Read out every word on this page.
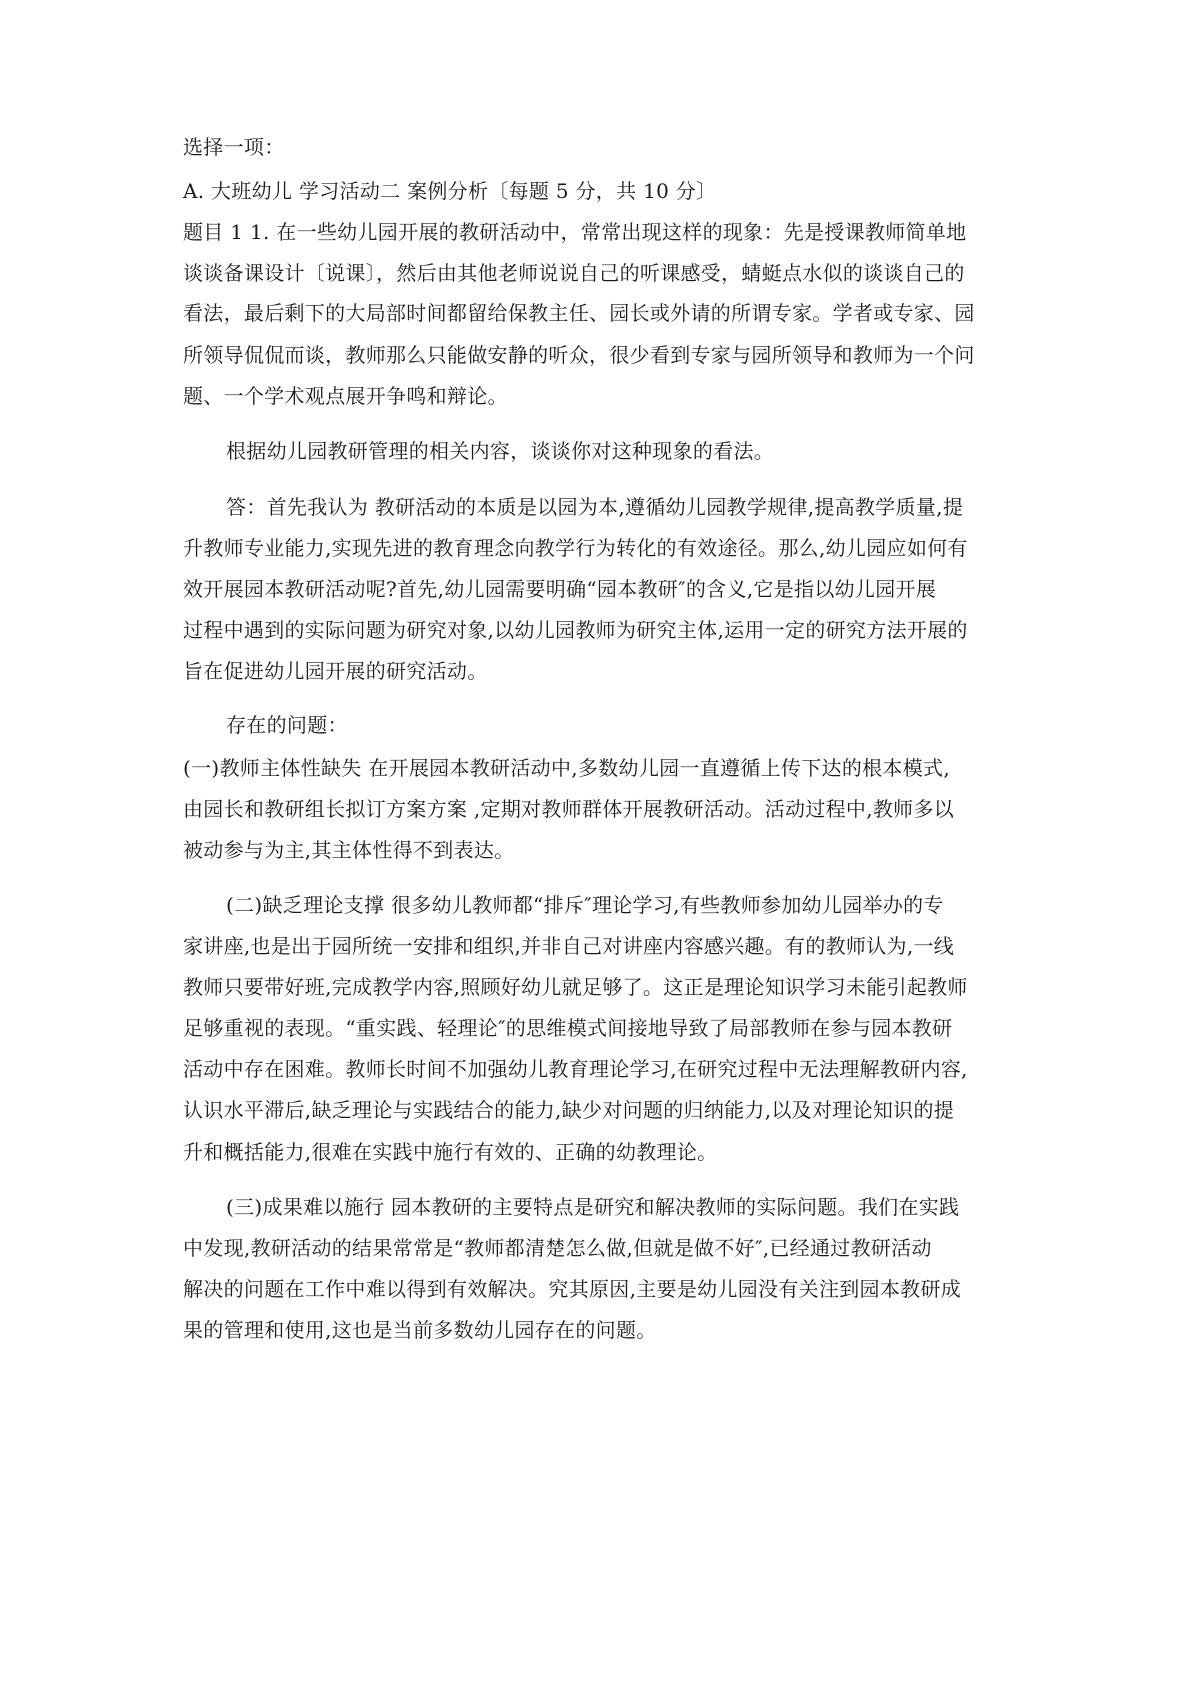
选择一项：

A. 大班幼儿 学习活动二 案例分析〔每题 5 分，共 10 分〕

题目 1 1. 在一些幼儿园开展的教研活动中，常常出现这样的现象：先是授课教师简单地

谈谈备课设计〔说课〕，然后由其他老师说说自己的听课感受，蜻蜓点水似的谈谈自己的

看法，最后剩下的大局部时间都留给保教主任、园长或外请的所谓专家。学者或专家、园

所领导侃侃而谈，教师那么只能做安静的听众，很少看到专家与园所领导和教师为一个问

题、一个学术观点展开争鸣和辩论。

根据幼儿园教研管理的相关内容，谈谈你对这种现象的看法。

答：首先我认为 教研活动的本质是以园为本,遵循幼儿园教学规律,提高教学质量,提

升教师专业能力,实现先进的教育理念向教学行为转化的有效途径。那么,幼儿园应如何有

效开展园本教研活动呢?首先,幼儿园需要明确“园本教研″的含义,它是指以幼儿园开展

过程中遇到的实际问题为研究对象,以幼儿园教师为研究主体,运用一定的研究方法开展的

旨在促进幼儿园开展的研究活动。

存在的问题：

(一)教师主体性缺失 在开展园本教研活动中,多数幼儿园一直遵循上传下达的根本模式,

由园长和教研组长拟订方案方案 ,定期对教师群体开展教研活动。活动过程中,教师多以

被动参与为主,其主体性得不到表达。

(二)缺乏理论支撑 很多幼儿教师都“排斥″理论学习,有些教师参加幼儿园举办的专

家讲座,也是出于园所统一安排和组织,并非自己对讲座内容感兴趣。有的教师认为,一线

教师只要带好班,完成教学内容,照顾好幼儿就足够了。这正是理论知识学习未能引起教师

足够重视的表现。“重实践、轻理论″的思维模式间接地导致了局部教师在参与园本教研

活动中存在困难。教师长时间不加强幼儿教育理论学习,在研究过程中无法理解教研内容,

认识水平滞后,缺乏理论与实践结合的能力,缺少对问题的归纳能力,以及对理论知识的提

升和概括能力,很难在实践中施行有效的、正确的幼教理论。

(三)成果难以施行 园本教研的主要特点是研究和解决教师的实际问题。我们在实践

中发现,教研活动的结果常常是“教师都清楚怎么做,但就是做不好″,已经通过教研活动

解决的问题在工作中难以得到有效解决。究其原因,主要是幼儿园没有关注到园本教研成

果的管理和使用,这也是当前多数幼儿园存在的问题。
